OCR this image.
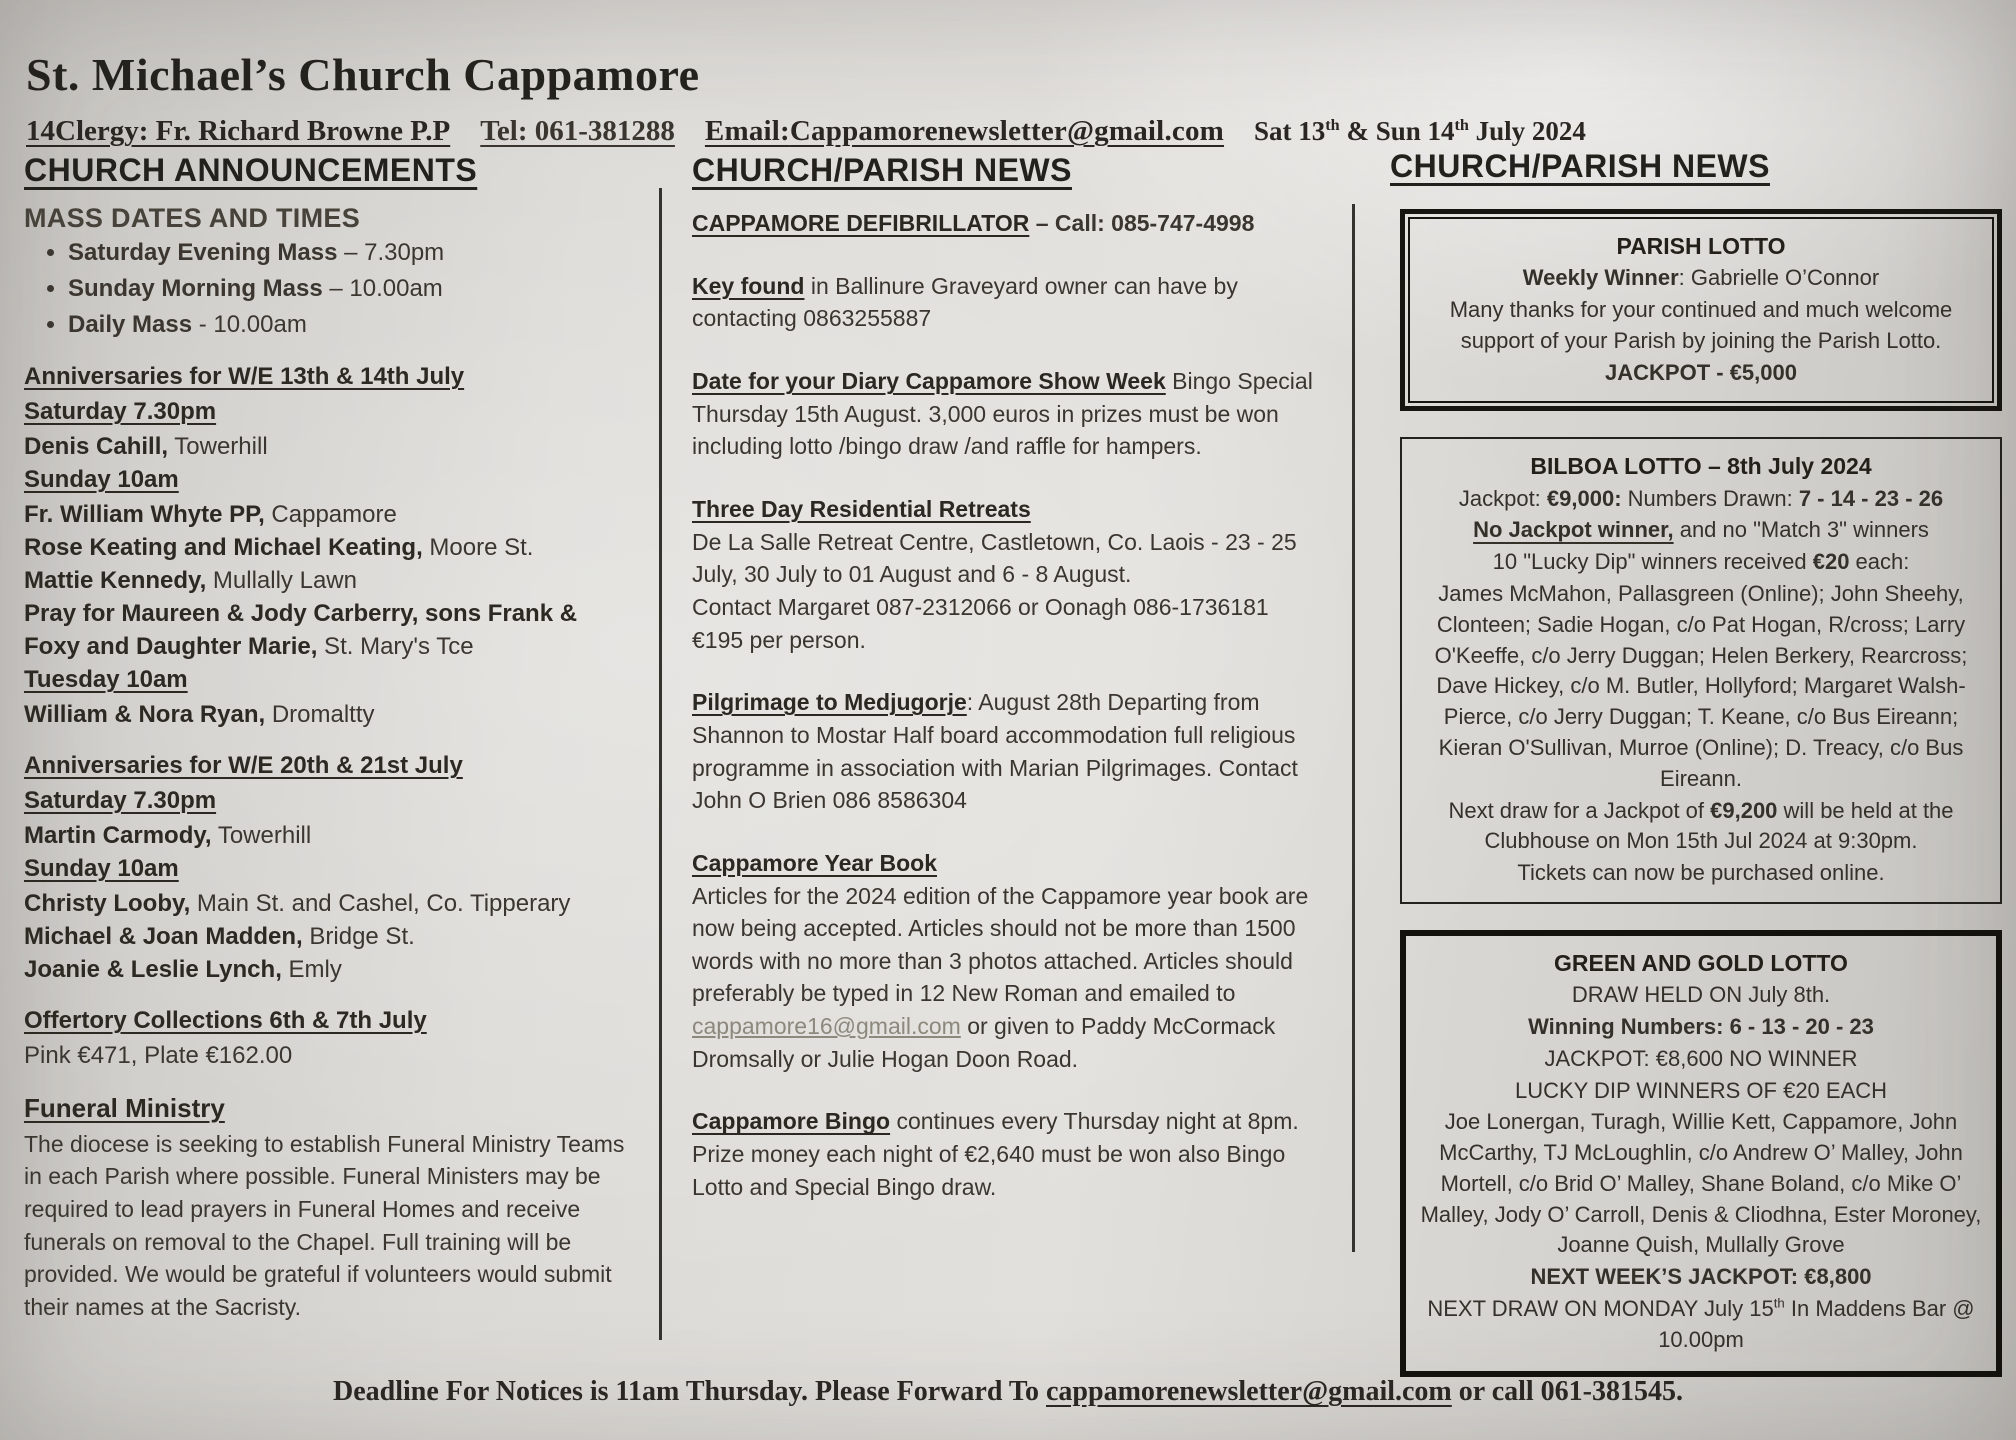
St. Michael’s Church Cappamore
14Clergy: Fr. Richard Browne P.P Tel: 061-381288 Email:Cappamorenewsletter@gmail.com Sat 13th & Sun 14th July 2024
CHURCH ANNOUNCEMENTS
MASS DATES AND TIMES
• Saturday Evening Mass – 7.30pm
• Sunday Morning Mass – 10.00am
• Daily Mass - 10.00am

Anniversaries for W/E 13th & 14th July

Saturday 7.30pm

Denis Cahill, Towerhill

Sunday 10am

Fr. William Whyte PP, Cappamore

Rose Keating and Michael Keating, Moore St.

Mattie Kennedy, Mullally Lawn

Pray for Maureen & Jody Carberry, sons Frank & Foxy and Daughter Marie, St. Mary's Tce

Tuesday 10am

William & Nora Ryan, Dromaltty

Anniversaries for W/E 20th & 21st July

Saturday 7.30pm

Martin Carmody, Towerhill

Sunday 10am

Christy Looby, Main St. and Cashel, Co. Tipperary

Michael & Joan Madden, Bridge St.

Joanie & Leslie Lynch, Emly

Offertory Collections 6th & 7th July

Pink €471, Plate €162.00

Funeral Ministry

The diocese is seeking to establish Funeral Ministry Teams in each Parish where possible. Funeral Ministers may be required to lead prayers in Funeral Homes and receive funerals on removal to the Chapel. Full training will be provided. We would be grateful if volunteers would submit their names at the Sacristy.

CHURCH/PARISH NEWS

CAPPAMORE DEFIBRILLATOR – Call: 085-747-4998

Key found in Ballinure Graveyard owner can have by contacting 0863255887

Date for your Diary Cappamore Show Week Bingo Special Thursday 15th August. 3,000 euros in prizes must be won including lotto /bingo draw /and raffle for hampers.

Three Day Residential Retreats

De La Salle Retreat Centre, Castletown, Co. Laois - 23 - 25 July, 30 July to 01 August and 6 - 8 August.

Contact Margaret 087-2312066 or Oonagh 086-1736181

€195 per person.

Pilgrimage to Medjugorje: August 28th Departing from Shannon to Mostar Half board accommodation full religious programme in association with Marian Pilgrimages. Contact John O Brien 086 8586304

Cappamore Year Book

Articles for the 2024 edition of the Cappamore year book are now being accepted. Articles should not be more than 1500 words with no more than 3 photos attached. Articles should preferably be typed in 12 New Roman and emailed to cappamore16@gmail.com or given to Paddy McCormack Dromsally or Julie Hogan Doon Road.

Cappamore Bingo continues every Thursday night at 8pm. Prize money each night of €2,640 must be won also Bingo Lotto and Special Bingo draw.

CHURCH/PARISH NEWS

PARISH LOTTO

Weekly Winner: Gabrielle O’Connor

Many thanks for your continued and much welcome support of your Parish by joining the Parish Lotto.

JACKPOT - €5,000

BILBOA LOTTO – 8th July 2024

Jackpot: €9,000: Numbers Drawn: 7 - 14 - 23 - 26

No Jackpot winner, and no "Match 3" winners

10 "Lucky Dip" winners received €20 each:

James McMahon, Pallasgreen (Online); John Sheehy, Clonteen; Sadie Hogan, c/o Pat Hogan, R/cross; Larry O'Keeffe, c/o Jerry Duggan; Helen Berkery, Rearcross; Dave Hickey, c/o M. Butler, Hollyford; Margaret Walsh-Pierce, c/o Jerry Duggan; T. Keane, c/o Bus Eireann; Kieran O'Sullivan, Murroe (Online); D. Treacy, c/o Bus Eireann.

Next draw for a Jackpot of €9,200 will be held at the Clubhouse on Mon 15th Jul 2024 at 9:30pm.

Tickets can now be purchased online.

GREEN AND GOLD LOTTO

DRAW HELD ON July 8th.

Winning Numbers: 6 - 13 - 20 - 23

JACKPOT: €8,600 NO WINNER

LUCKY DIP WINNERS OF €20 EACH

Joe Lonergan, Turagh, Willie Kett, Cappamore, John McCarthy, TJ McLoughlin, c/o Andrew O’ Malley, John Mortell, c/o Brid O’ Malley, Shane Boland, c/o Mike O’ Malley, Jody O’ Carroll, Denis & Cliodhna, Ester Moroney, Joanne Quish, Mullally Grove

NEXT WEEK’S JACKPOT: €8,800

NEXT DRAW ON MONDAY July 15th In Maddens Bar @ 10.00pm

Deadline For Notices is 11am Thursday. Please Forward To cappamorenewsletter@gmail.com or call 061-381545.
